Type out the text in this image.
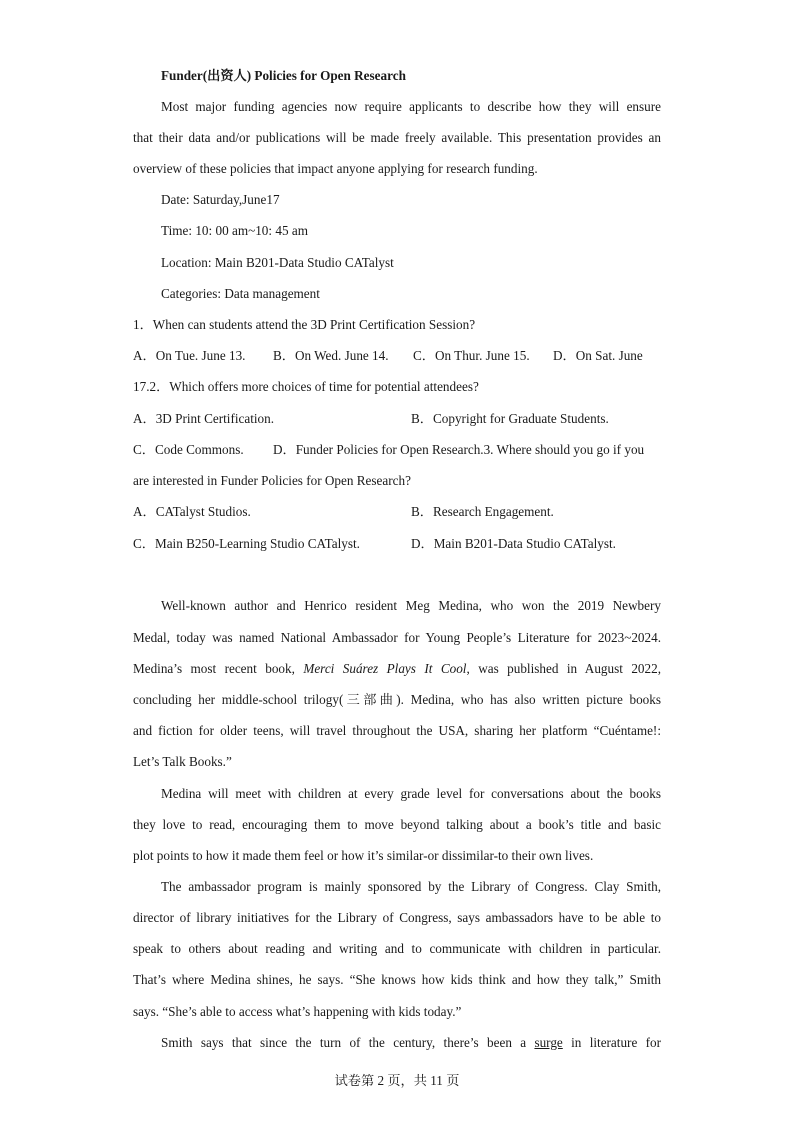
Funder(出资人) Policies for Open Research
Most major funding agencies now require applicants to describe how they will ensure
that their data and/or publications will be made freely available. This presentation provides an
overview of these policies that impact anyone applying for research funding.
Date: Saturday,June17
Time: 10: 00 am~10: 45 am
Location: Main B201-Data Studio CATalyst
Categories: Data management
1．When can students attend the 3D Print Certification Session?
A．On Tue. June 13. B．On Wed. June 14. C．On Thur. June 15. D．On Sat. June
17.2．Which offers more choices of time for potential attendees?
A．3D Print Certification.	B．Copyright for Graduate Students.
C．Code Commons. D．Funder Policies for Open Research.3. Where should you go if you
are interested in Funder Policies for Open Research?
A．CATalyst Studios.	B．Research Engagement.
C．Main B250-Learning Studio CATalyst.	D．Main B201-Data Studio CATalyst.
Well-known author and Henrico resident Meg Medina, who won the 2019 Newbery
Medal, today was named National Ambassador for Young People’s Literature for 2023~2024.
Medina’s most recent book, Merci Suárez Plays It Cool, was published in August 2022,
concluding her middle-school trilogy(三部曲). Medina, who has also written picture books
and fiction for older teens, will travel throughout the USA, sharing her platform “Cuéntame!:
Let’s Talk Books.”
Medina will meet with children at every grade level for conversations about the books
they love to read, encouraging them to move beyond talking about a book’s title and basic
plot points to how it made them feel or how it’s similar-or dissimilar-to their own lives.
The ambassador program is mainly sponsored by the Library of Congress. Clay Smith,
director of library initiatives for the Library of Congress, says ambassadors have to be able to
speak to others about reading and writing and to communicate with children in particular.
That’s where Medina shines, he says. “She knows how kids think and how they talk,” Smith
says. “She’s able to access what’s happening with kids today.”
Smith says that since the turn of the century, there’s been a surge in literature for
试卷第 2 页，共 11 页
